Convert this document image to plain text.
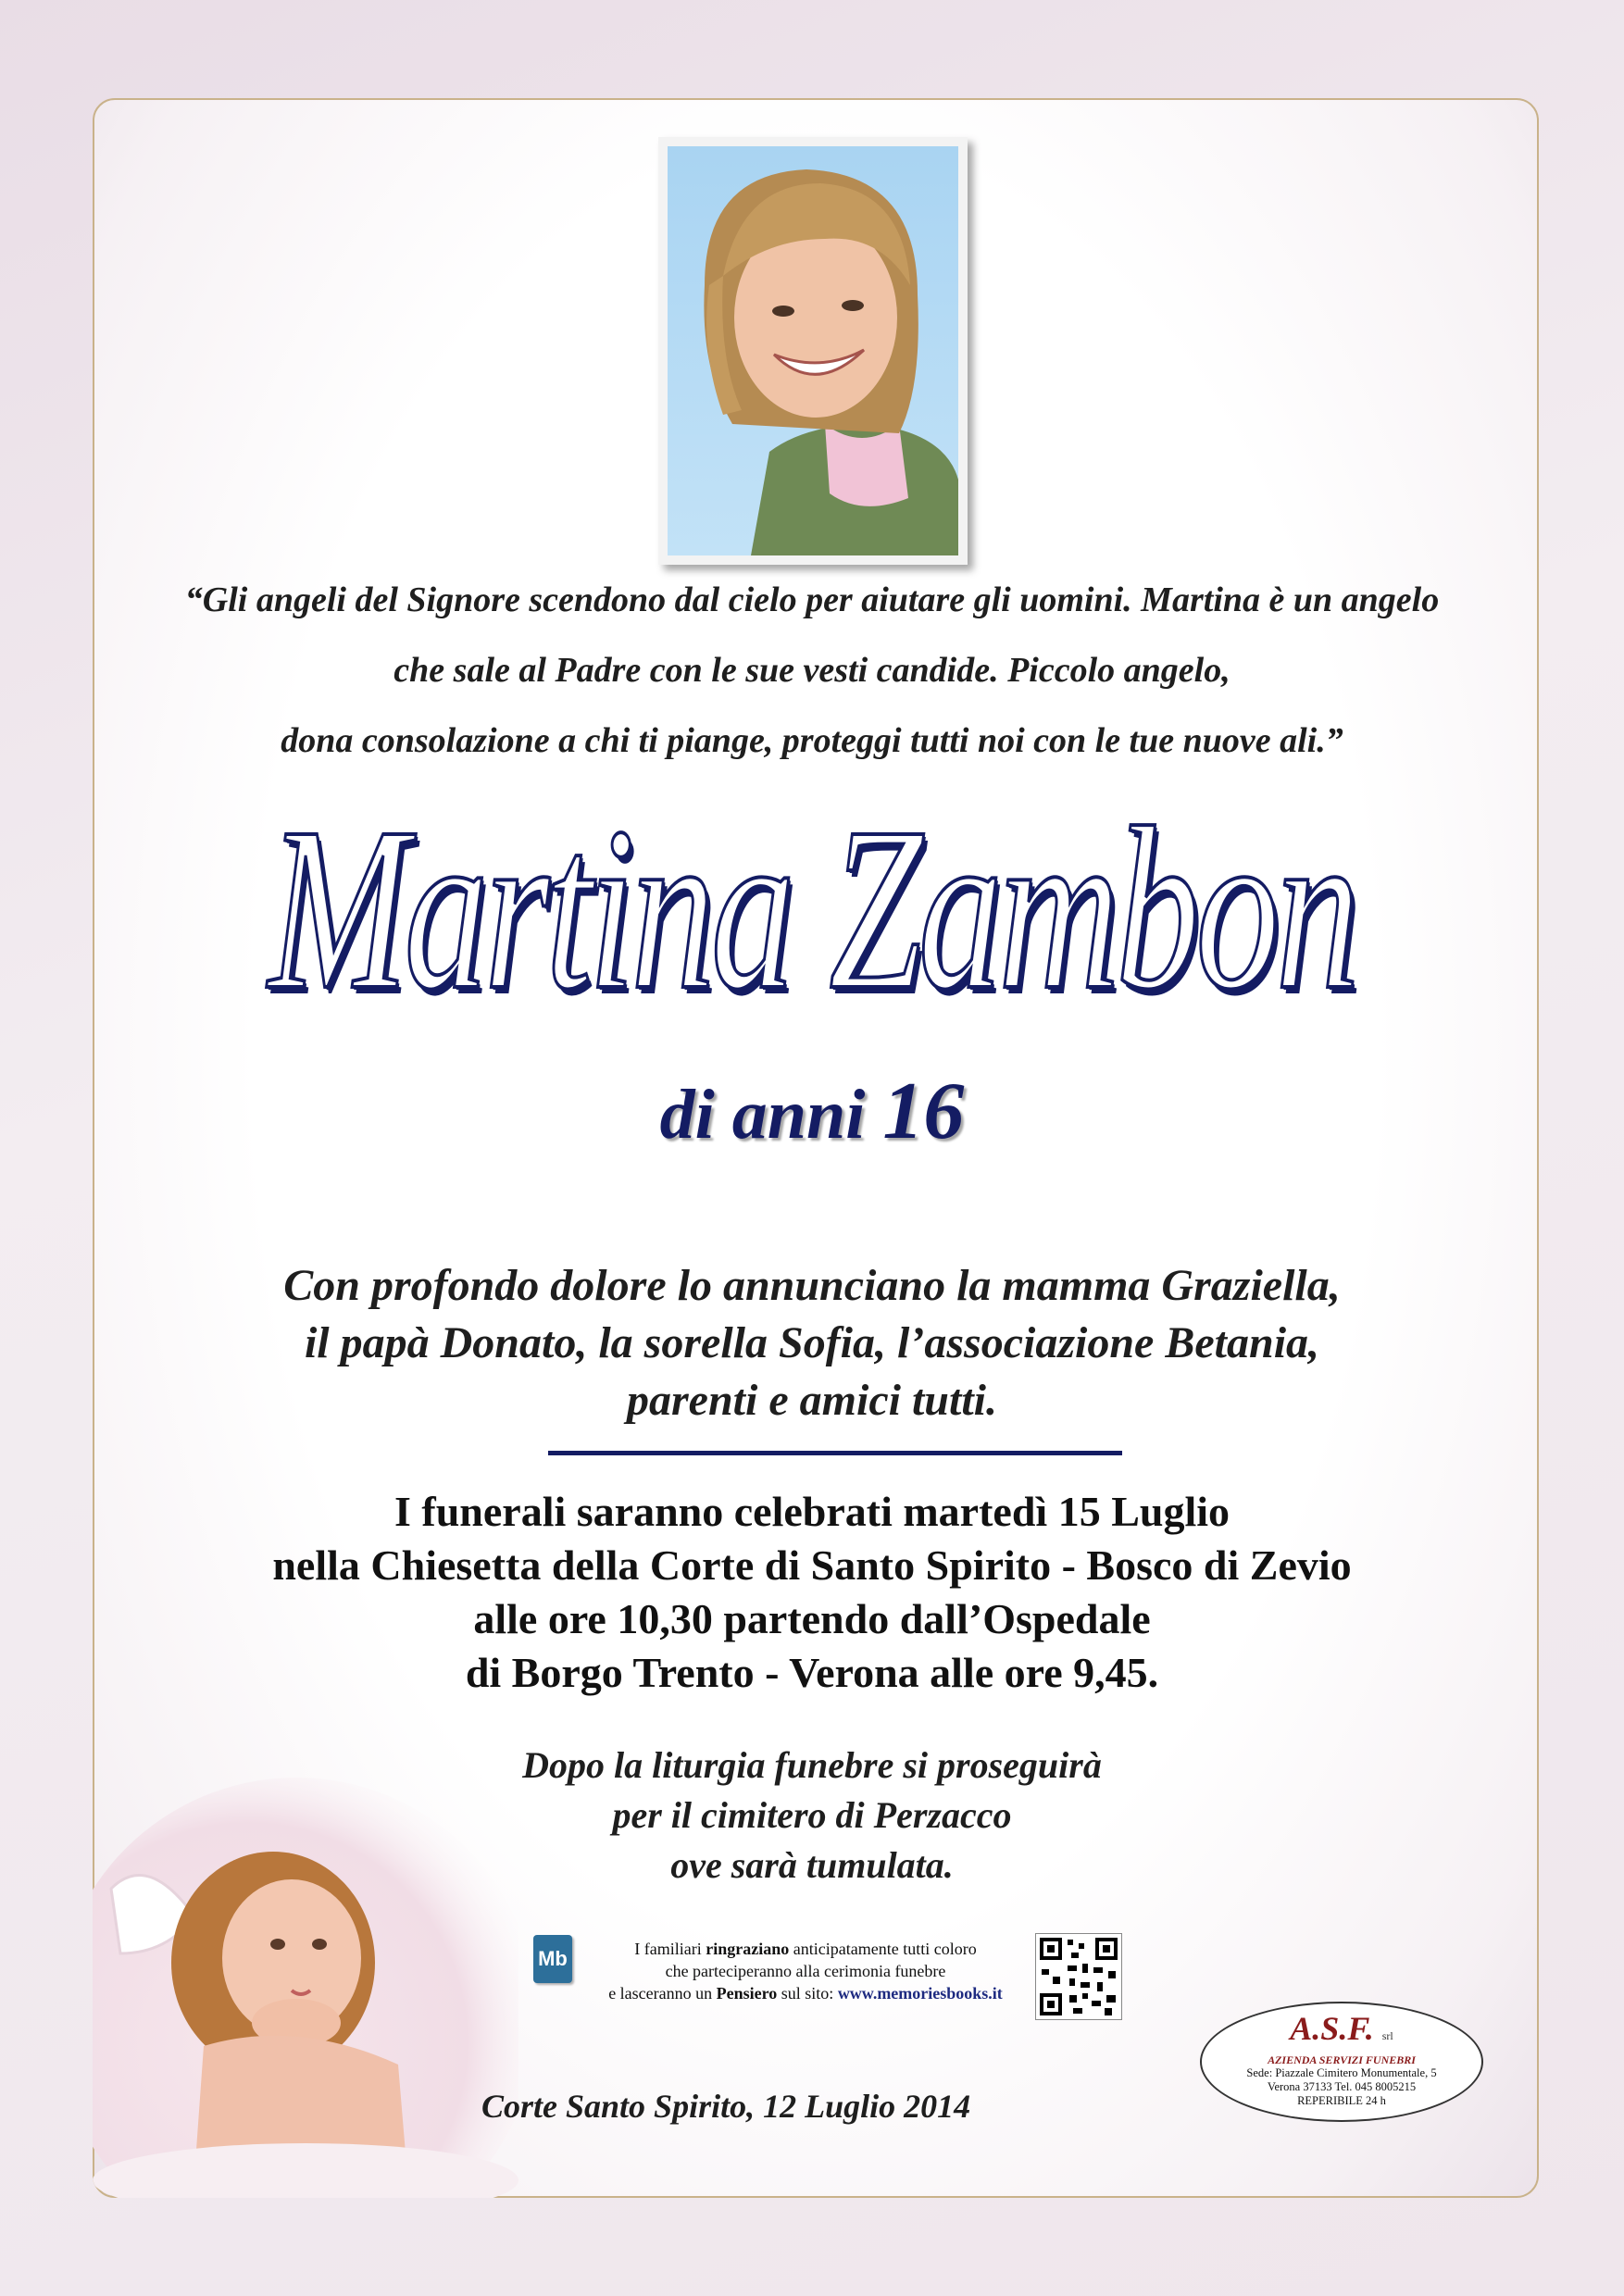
“Gli angeli del Signore scendono dal cielo per aiutare gli uomini. Martina è un angelo
che sale al Padre con le sue vesti candide. Piccolo angelo,
dona consolazione a chi ti piange, proteggi tutti noi con le tue nuove ali.”
Martina Zambon
di anni 16
Con profondo dolore lo annunciano la mamma Graziella,
il papà Donato, la sorella Sofia, l’associazione Betania,
parenti e amici tutti.
I funerali saranno celebrati martedì 15 Luglio
nella Chiesetta della Corte di Santo Spirito - Bosco di Zevio
alle ore 10,30 partendo dall’Ospedale
di Borgo Trento - Verona alle ore 9,45.
Dopo la liturgia funebre si proseguirà
per il cimitero di Perzacco
ove sarà tumulata.
Mb	I familiari ringraziano anticipatamente tutti coloro
che parteciperanno alla cerimonia funebre
e lasceranno un Pensiero sul sito: www.memoriesbooks.it
Corte Santo Spirito, 12 Luglio 2014
A.S.F. srl
AZIENDA SERVIZI FUNEBRI
Sede: Piazzale Cimitero Monumentale, 5
Verona 37133 Tel. 045 8005215
REPERIBILE 24 h
